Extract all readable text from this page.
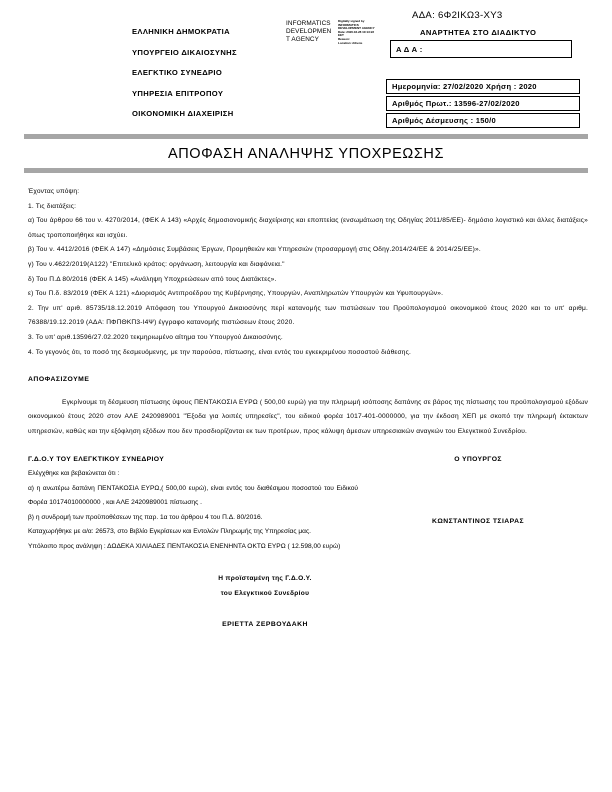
ΕΛΛΗΝΙΚΗ ΔΗΜΟΚΡΑΤΙΑ
ΥΠΟΥΡΓΕΙΟ ΔΙΚΑΙΟΣΥΝΗΣ
ΕΛΕΓΚΤΙΚΟ ΣΥΝΕΔΡΙΟ
ΥΠΗΡΕΣΙΑ ΕΠΙΤΡΟΠΟΥ
ΟΙΚΟΝΟΜΙΚΗ ΔΙΑΧΕΙΡΙΣΗ
INFORMATICS
DEVELOPMEN
T AGENCY
Digitally signed by
INFORMATICS
DEVELOPMENT AGENCY
Date: 2020.02.28 10:13:22
EET
Reason:
Location: Athens
ΑΔΑ: 6Φ2ΙΚΩ3-ΧΥ3
ΑΝΑΡΤΗΤΕΑ ΣΤΟ ΔΙΑΔΙΚΤΥΟ
Α Δ Α :
Ημερομηνία: 27/02/2020 Χρήση : 2020
Αριθμός Πρωτ.: 13596-27/02/2020
Αριθμός Δέσμευσης : 150/0
ΑΠΟΦΑΣΗ ΑΝΑΛΗΨΗΣ ΥΠΟΧΡΕΩΣΗΣ

Έχοντας υπόψη:

1. Τις διατάξεις:

α) Του άρθρου 66 του ν. 4270/2014, (ΦΕΚ Α 143) «Αρχές δημοσιονομικής διαχείρισης και εποπτείας (ενσωμάτωση της Οδηγίας 2011/85/ΕΕ)- δημόσιο λογιστικό και άλλες διατάξεις» όπως τροποποιήθηκε και ισχύει.

β) Του ν. 4412/2016 (ΦΕΚ Α 147) «Δημόσιες Συμβάσεις Έργων, Προμηθειών και Υπηρεσιών (προσαρμογή στις Οδηγ.2014/24/ΕΕ & 2014/25/ΕΕ)».

γ) Του ν.4622/2019(Α122) "Επιτελικό κράτος: οργάνωση, λειτουργία και διαφάνεια."

δ) Του Π.Δ 80/2016 (ΦΕΚ Α 145) «Ανάληψη Υποχρεώσεων από τους Διατάκτες».

ε) Του Π.δ. 83/2019 (ΦΕΚ Α 121) «Διορισμός Αντιπροέδρου της Κυβέρνησης, Υπουργών, Αναπληρωτών Υπουργών και Υφυπουργών».

2. Την υπ' αριθ. 85735/18.12.2019 Απόφαση του Υπουργού Δικαιοσύνης περί κατανομής των πιστώσεων του Προϋπολογισμού οικονομικού έτους 2020 και το υπ' αριθμ. 76388/19.12.2019 (ΑΔΑ: ΠΦΠΘΚΠ3-Ι4Ψ) έγγραφο κατανομής πιστώσεων έτους 2020.

3. Το υπ' αριθ.13596/27.02.2020 τεκμηριωμένο αίτημα του Υπουργού Δικαιοσύνης.

4. Το γεγονός ότι, το ποσό της δεσμευόμενης, με την παρούσα, πίστωσης, είναι εντός του εγκεκριμένου ποσοστού διάθεσης.

ΑΠΟΦΑΣΙΖΟΥΜΕ

Εγκρίνουμε τη δέσμευση πίστωσης ύψους ΠΕΝΤΑΚΟΣΙΑ ΕΥΡΩ ( 500,00 ευρώ) για την πληρωμή ισόποσης δαπάνης σε βάρος της πίστωσης του προϋπολογισμού εξόδων οικονομικού έτους 2020 στον ΑΛΕ 2420989001 "Έξοδα για λοιπές υπηρεσίες", του ειδικού φορέα 1017-401-0000000, για την έκδοση ΧΕΠ με σκοπό την πληρωμή έκτακτων υπηρεσιών, καθώς και την εξόφληση εξόδων που δεν προσδιορίζονται εκ των προτέρων, προς κάλυψη άμεσων υπηρεσιακών αναγκών του Ελεγκτικού Συνεδρίου.

Γ.Δ.Ο.Υ ΤΟΥ ΕΛΕΓΚΤΙΚΟΥ ΣΥΝΕΔΡΙΟΥ
Ελέγχθηκε και βεβαιώνεται ότι :
α) η ανωτέρω δαπάνη ΠΕΝΤΑΚΟΣΙΑ ΕΥΡΩ,( 500,00 ευρώ), είναι εντός του διαθέσιμου ποσοστού του Ειδικού Φορέα 10174010000000 , και ΑΛΕ 2420989001 πίστωσης .
β) η συνδρομή των προϋποθέσεων της παρ. 1α του άρθρου 4 του Π.Δ. 80/2016.
Καταχωρήθηκε με α/α: 26573, στο Βιβλίο Εγκρίσεων και Εντολών Πληρωμής της Υπηρεσίας μας.
Υπόλοιπο προς ανάληψη : ΔΩΔΕΚΑ ΧΙΛΙΑΔΕΣ ΠΕΝΤΑΚΟΣΙΑ ΕΝΕΝΗΝΤΑ ΟΚΤΩ ΕΥΡΩ ( 12.598,00 ευρώ)
Ο ΥΠΟΥΡΓΟΣ
ΚΩΝΣΤΑΝΤΙΝΟΣ ΤΣΙΑΡΑΣ
Η προϊσταμένη της Γ.Δ.Ο.Υ.
του Ελεγκτικού Συνεδρίου
ΕΡΙΕΤΤΑ ΖΕΡΒΟΥΔΑΚΗ
